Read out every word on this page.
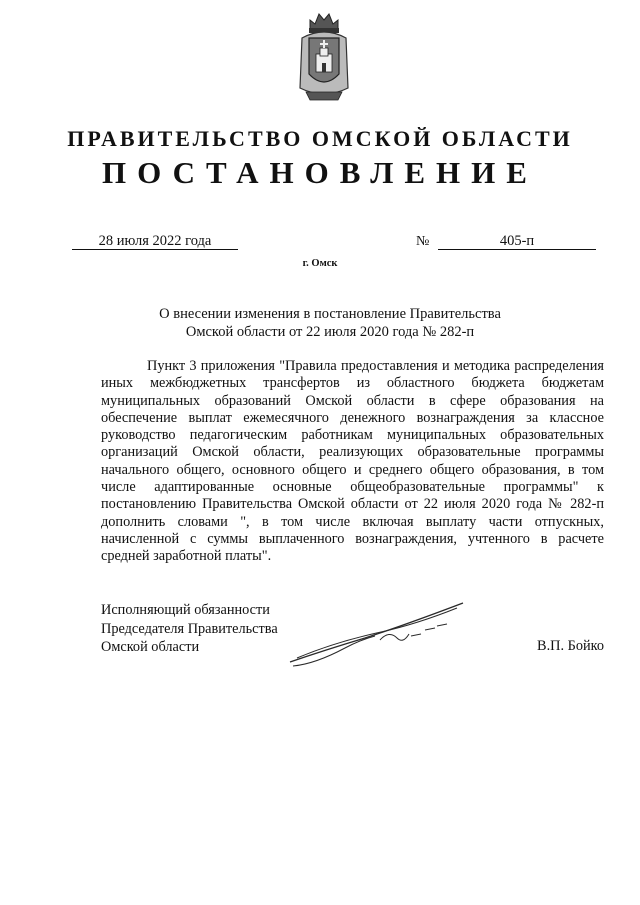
ПРАВИТЕЛЬСТВО ОМСКОЙ ОБЛАСТИ
ПОСТАНОВЛЕНИЕ
28 июля 2022 года	№	405-п
г. Омск
О внесении изменения в постановление Правительства
Омской области от 22 июля 2020 года № 282-п

Пункт 3 приложения "Правила предоставления и методика распределения иных межбюджетных трансфертов из областного бюджета бюджетам муниципальных образований Омской области в сфере образования на обеспечение выплат ежемесячного денежного вознаграждения за классное руководство педагогическим работникам муниципальных образовательных организаций Омской области, реализующих образовательные программы начального общего, основного общего и среднего общего образования, в том числе адаптированные основные общеобразовательные программы" к постановлению Правительства Омской области от 22 июля 2020 года № 282-п дополнить словами ", в том числе включая выплату части отпускных, начисленной с суммы выплаченного вознаграждения, учтенного в расчете средней заработной платы".

Исполняющий обязанности
Председателя Правительства
Омской области	В.П. Бойко
